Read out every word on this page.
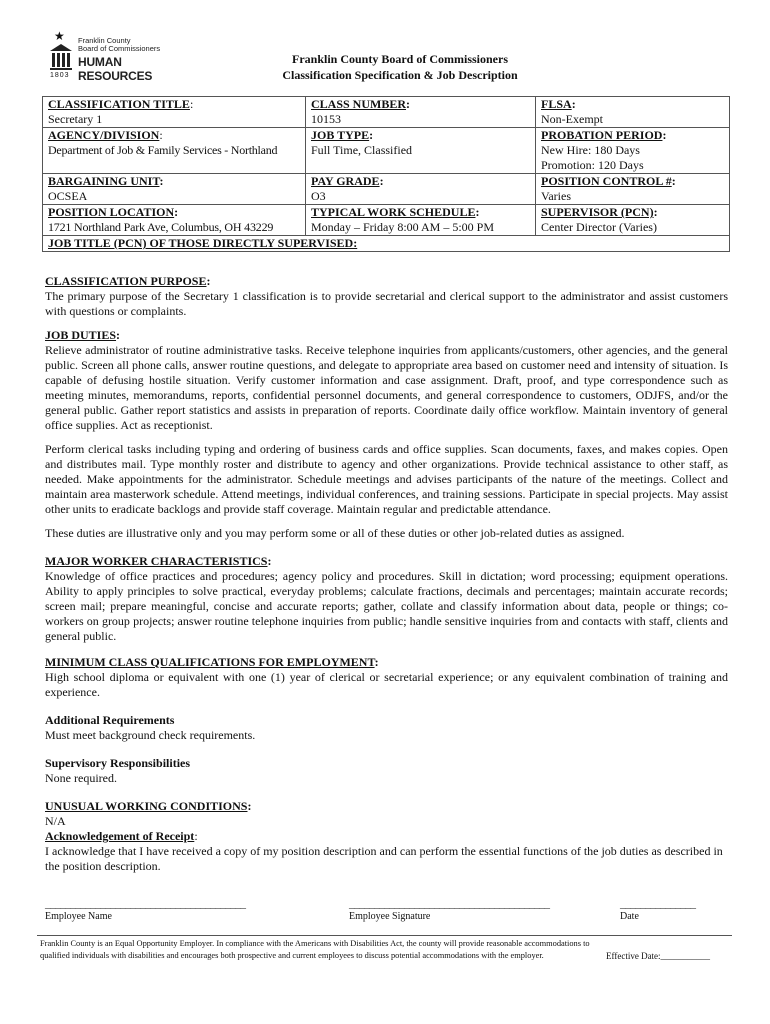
★
1803
Franklin County
Board of Commissioners
HUMAN RESOURCES
Franklin County Board of Commissioners
Classification Specification & Job Description
CLASSIFICATION TITLE:
Secretary 1
CLASS NUMBER:
10153
FLSA:
Non-Exempt
AGENCY/DIVISION:
Department of Job & Family Services - Northland
JOB TYPE:
Full Time, Classified
PROBATION PERIOD:
New Hire: 180 Days
Promotion: 120 Days
BARGAINING UNIT:
OCSEA
PAY GRADE:
O3
POSITION CONTROL #:
Varies
POSITION LOCATION:
1721 Northland Park Ave, Columbus, OH 43229
TYPICAL WORK SCHEDULE:
Monday – Friday 8:00 AM – 5:00 PM
SUPERVISOR (PCN):
Center Director (Varies)
JOB TITLE (PCN) OF THOSE DIRECTLY SUPERVISED:
CLASSIFICATION PURPOSE:

The primary purpose of the Secretary 1 classification is to provide secretarial and clerical support to the administrator and assist customers with questions or complaints.

JOB DUTIES:

Relieve administrator of routine administrative tasks. Receive telephone inquiries from applicants/customers, other agencies, and the general public. Screen all phone calls, answer routine questions, and delegate to appropriate area based on customer need and intensity of situation. Is capable of defusing hostile situation. Verify customer information and case assignment. Draft, proof, and type correspondence such as meeting minutes, memorandums, reports, confidential personnel documents, and general correspondence to customers, ODJFS, and/or the general public. Gather report statistics and assists in preparation of reports. Coordinate daily office workflow. Maintain inventory of general office supplies. Act as receptionist.

Perform clerical tasks including typing and ordering of business cards and office supplies. Scan documents, faxes, and makes copies. Open and distributes mail. Type monthly roster and distribute to agency and other organizations. Provide technical assistance to other staff, as needed. Make appointments for the administrator. Schedule meetings and advises participants of the nature of the meetings. Collect and maintain area masterwork schedule. Attend meetings, individual conferences, and training sessions. Participate in special projects. May assist other units to eradicate backlogs and provide staff coverage. Maintain regular and predictable attendance.

These duties are illustrative only and you may perform some or all of these duties or other job-related duties as assigned.

MAJOR WORKER CHARACTERISTICS:

Knowledge of office practices and procedures; agency policy and procedures. Skill in dictation; word processing; equipment operations. Ability to apply principles to solve practical, everyday problems; calculate fractions, decimals and percentages; maintain accurate records; screen mail; prepare meaningful, concise and accurate reports; gather, collate and classify information about data, people or things; co-workers on group projects; answer routine telephone inquiries from public; handle sensitive inquiries from and contacts with staff, clients and general public.

MINIMUM CLASS QUALIFICATIONS FOR EMPLOYMENT:

High school diploma or equivalent with one (1) year of clerical or secretarial experience; or any equivalent combination of training and experience.

Additional Requirements

Must meet background check requirements.

Supervisory Responsibilities

None required.

UNUSUAL WORKING CONDITIONS:

N/A

Acknowledgement of Receipt:

I acknowledge that I have received a copy of my position description and can perform the essential functions of the job duties as described in the position description.

________________________________________	________________________________________	_______________
Employee Name	Employee Signature	Date
Franklin County is an Equal Opportunity Employer. In compliance with the Americans with Disabilities Act, the county will provide reasonable accommodations to qualified individuals with disabilities and encourages both prospective and current employees to discuss potential accommodations with the employer.	Effective Date:___________
